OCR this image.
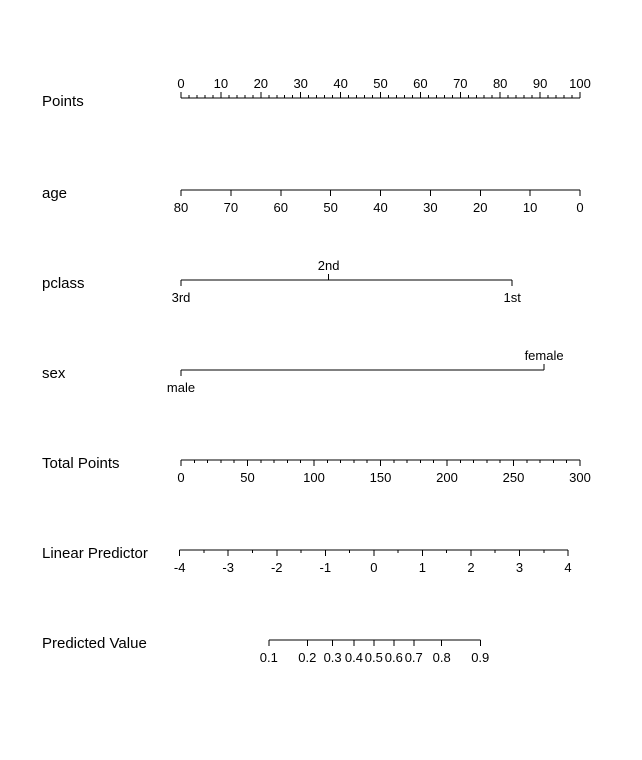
Points
0 10 20 30 40 50 60 70 80 90 100
age
80	70	60	50	40	30	20	10	0
pclass
3rd
2nd
1st
sex
male
female
Total Points
0	50	100	150	200	250	300
Linear Predictor
-4	-3	-2	-1	0	1	2	3	4
Predicted Value
0.1 0.2 0.3 0.4 0.5 0.6 0.7 0.8 0.9
